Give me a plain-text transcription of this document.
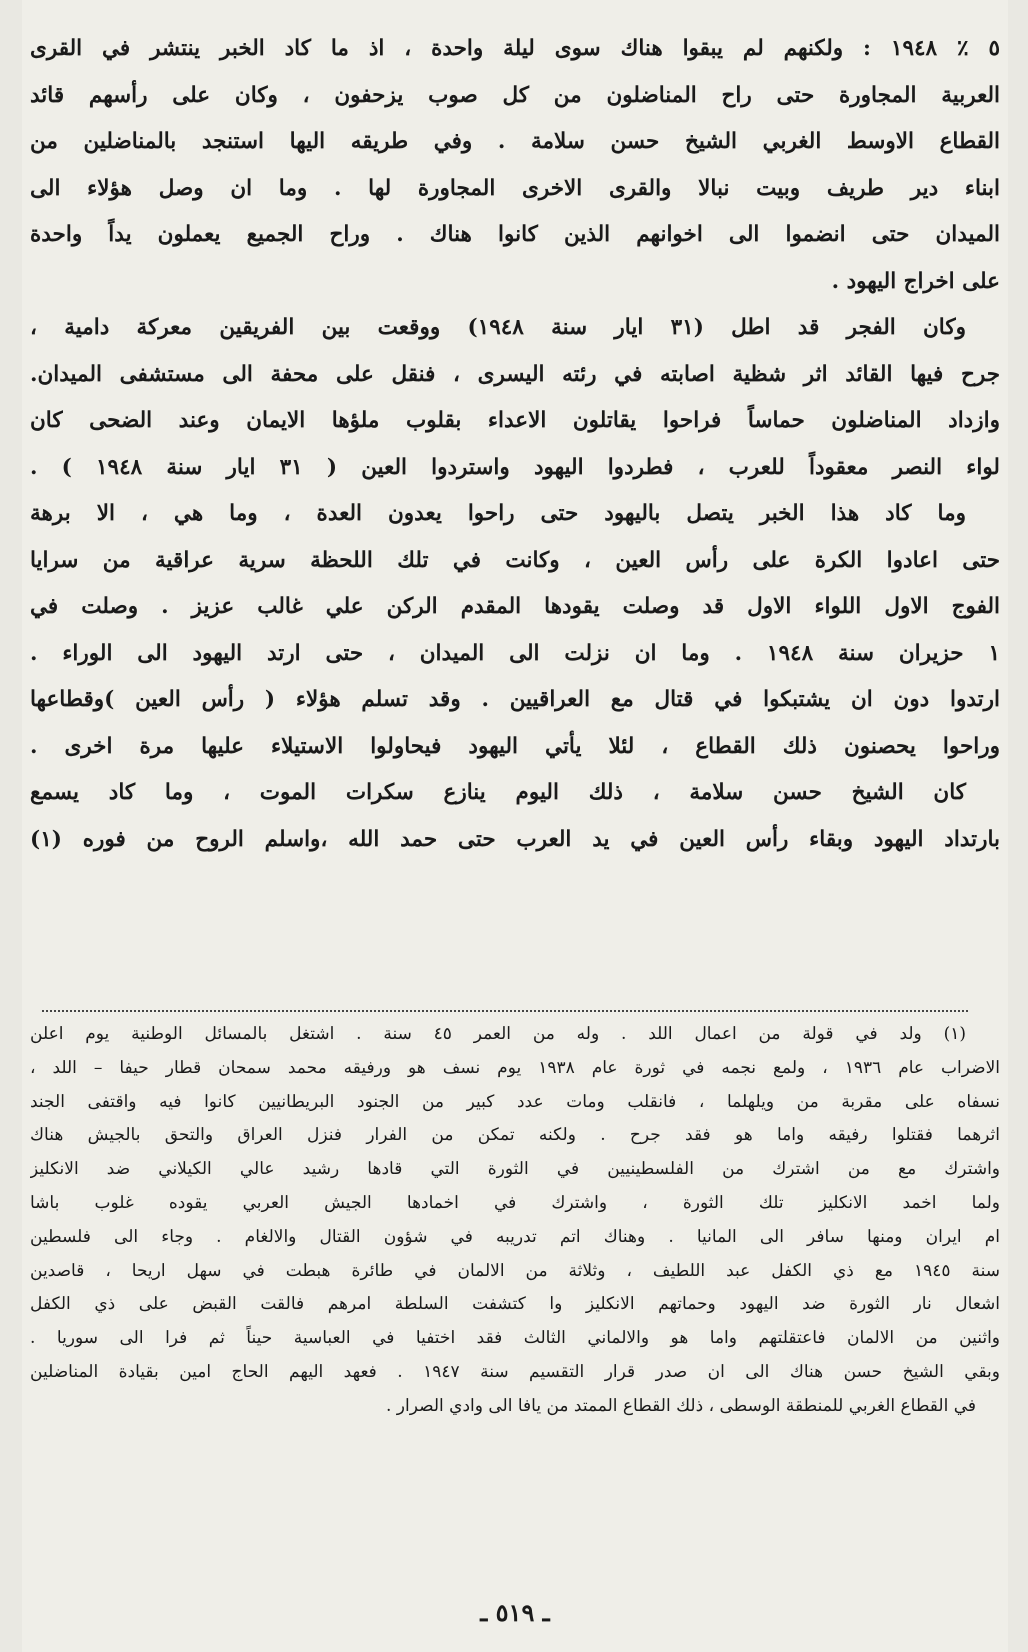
٥ ٪ ١٩٤٨ : ولكنهم لم يبقوا هناك سوى ليلة واحدة ، اذ ما كاد الخبر ينتشر في القرى
العربية المجاورة حتى راح المناضلون من كل صوب يزحفون ، وكان على رأسهم قائد
القطاع الاوسط الغربي الشيخ حسن سلامة . وفي طريقه اليها استنجد بالمناضلين من
ابناء دير طريف وبيت نبالا والقرى الاخرى المجاورة لها . وما ان وصل هؤلاء الى
الميدان حتى انضموا الى اخوانهم الذين كانوا هناك . وراح الجميع يعملون يداً واحدة
على اخراج اليهود .
وكان الفجر قد اطل (٣١ ايار سنة ١٩٤٨) ووقعت بين الفريقين معركة دامية ،
جرح فيها القائد اثر شظية اصابته في رئته اليسرى ، فنقل على محفة الى مستشفى الميدان.
وازداد المناضلون حماساً فراحوا يقاتلون الاعداء بقلوب ملؤها الايمان وعند الضحى كان
لواء النصر معقوداً للعرب ، فطردوا اليهود واستردوا العين ( ٣١ ايار سنة ١٩٤٨ ) .
وما كاد هذا الخبر يتصل باليهود حتى راحوا يعدون العدة ، وما هي ، الا برهة
حتى اعادوا الكرة على رأس العين ، وكانت في تلك اللحظة سرية عراقية من سرايا
الفوج الاول اللواء الاول قد وصلت يقودها المقدم الركن علي غالب عزيز . وصلت في
١ حزيران سنة ١٩٤٨ . وما ان نزلت الى الميدان ، حتى ارتد اليهود الى الوراء .
ارتدوا دون ان يشتبكوا في قتال مع العراقيين . وقد تسلم هؤلاء ( رأس العين )وقطاعها
وراحوا يحصنون ذلك القطاع ، لئلا يأتي اليهود فيحاولوا الاستيلاء عليها مرة اخرى .
كان الشيخ حسن سلامة ، ذلك اليوم ينازع سكرات الموت ، وما كاد يسمع
بارتداد اليهود وبقاء رأس العين في يد العرب حتى حمد الله ،واسلم الروح من فوره (١)
(١) ولد في قولة من اعمال اللد . وله من العمر ٤٥ سنة . اشتغل بالمسائل الوطنية يوم اعلن
الاضراب عام ١٩٣٦ ، ولمع نجمه في ثورة عام ١٩٣٨ يوم نسف هو ورفيقه محمد سمحان قطار حيفا – اللد ،
نسفاه على مقربة من ويلهلما ، فانقلب ومات عدد كبير من الجنود البريطانيين كانوا فيه واقتفى الجند
اثرهما فقتلوا رفيقه واما هو فقد جرح . ولكنه تمكن من الفرار فنزل العراق والتحق بالجيش هناك
واشترك مع من اشترك من الفلسطينيين في الثورة التي قادها رشيد عالي الكيلاني ضد الانكليز
ولما اخمد الانكليز تلك الثورة ، واشترك في اخمادها الجيش العربي يقوده غلوب باشا
ام ايران ومنها سافر الى المانيا . وهناك اتم تدريبه في شؤون القتال والالغام . وجاء الى فلسطين
سنة ١٩٤٥ مع ذي الكفل عبد اللطيف ، وثلاثة من الالمان في طائرة هبطت في سهل اريحا ، قاصدين
اشعال نار الثورة ضد اليهود وحماتهم الانكليز وا كتشفت السلطة امرهم فالقت القبض على ذي الكفل
واثنين من الالمان فاعتقلتهم واما هو والالماني الثالث فقد اختفيا في العباسية حيناً ثم فرا الى سوريا .
وبقي الشيخ حسن هناك الى ان صدر قرار التقسيم سنة ١٩٤٧ . فعهد اليهم الحاج امين بقيادة المناضلين
في القطاع الغربي للمنطقة الوسطى ، ذلك القطاع الممتد من يافا الى وادي الصرار .
ـ ٥١٩ ـ
